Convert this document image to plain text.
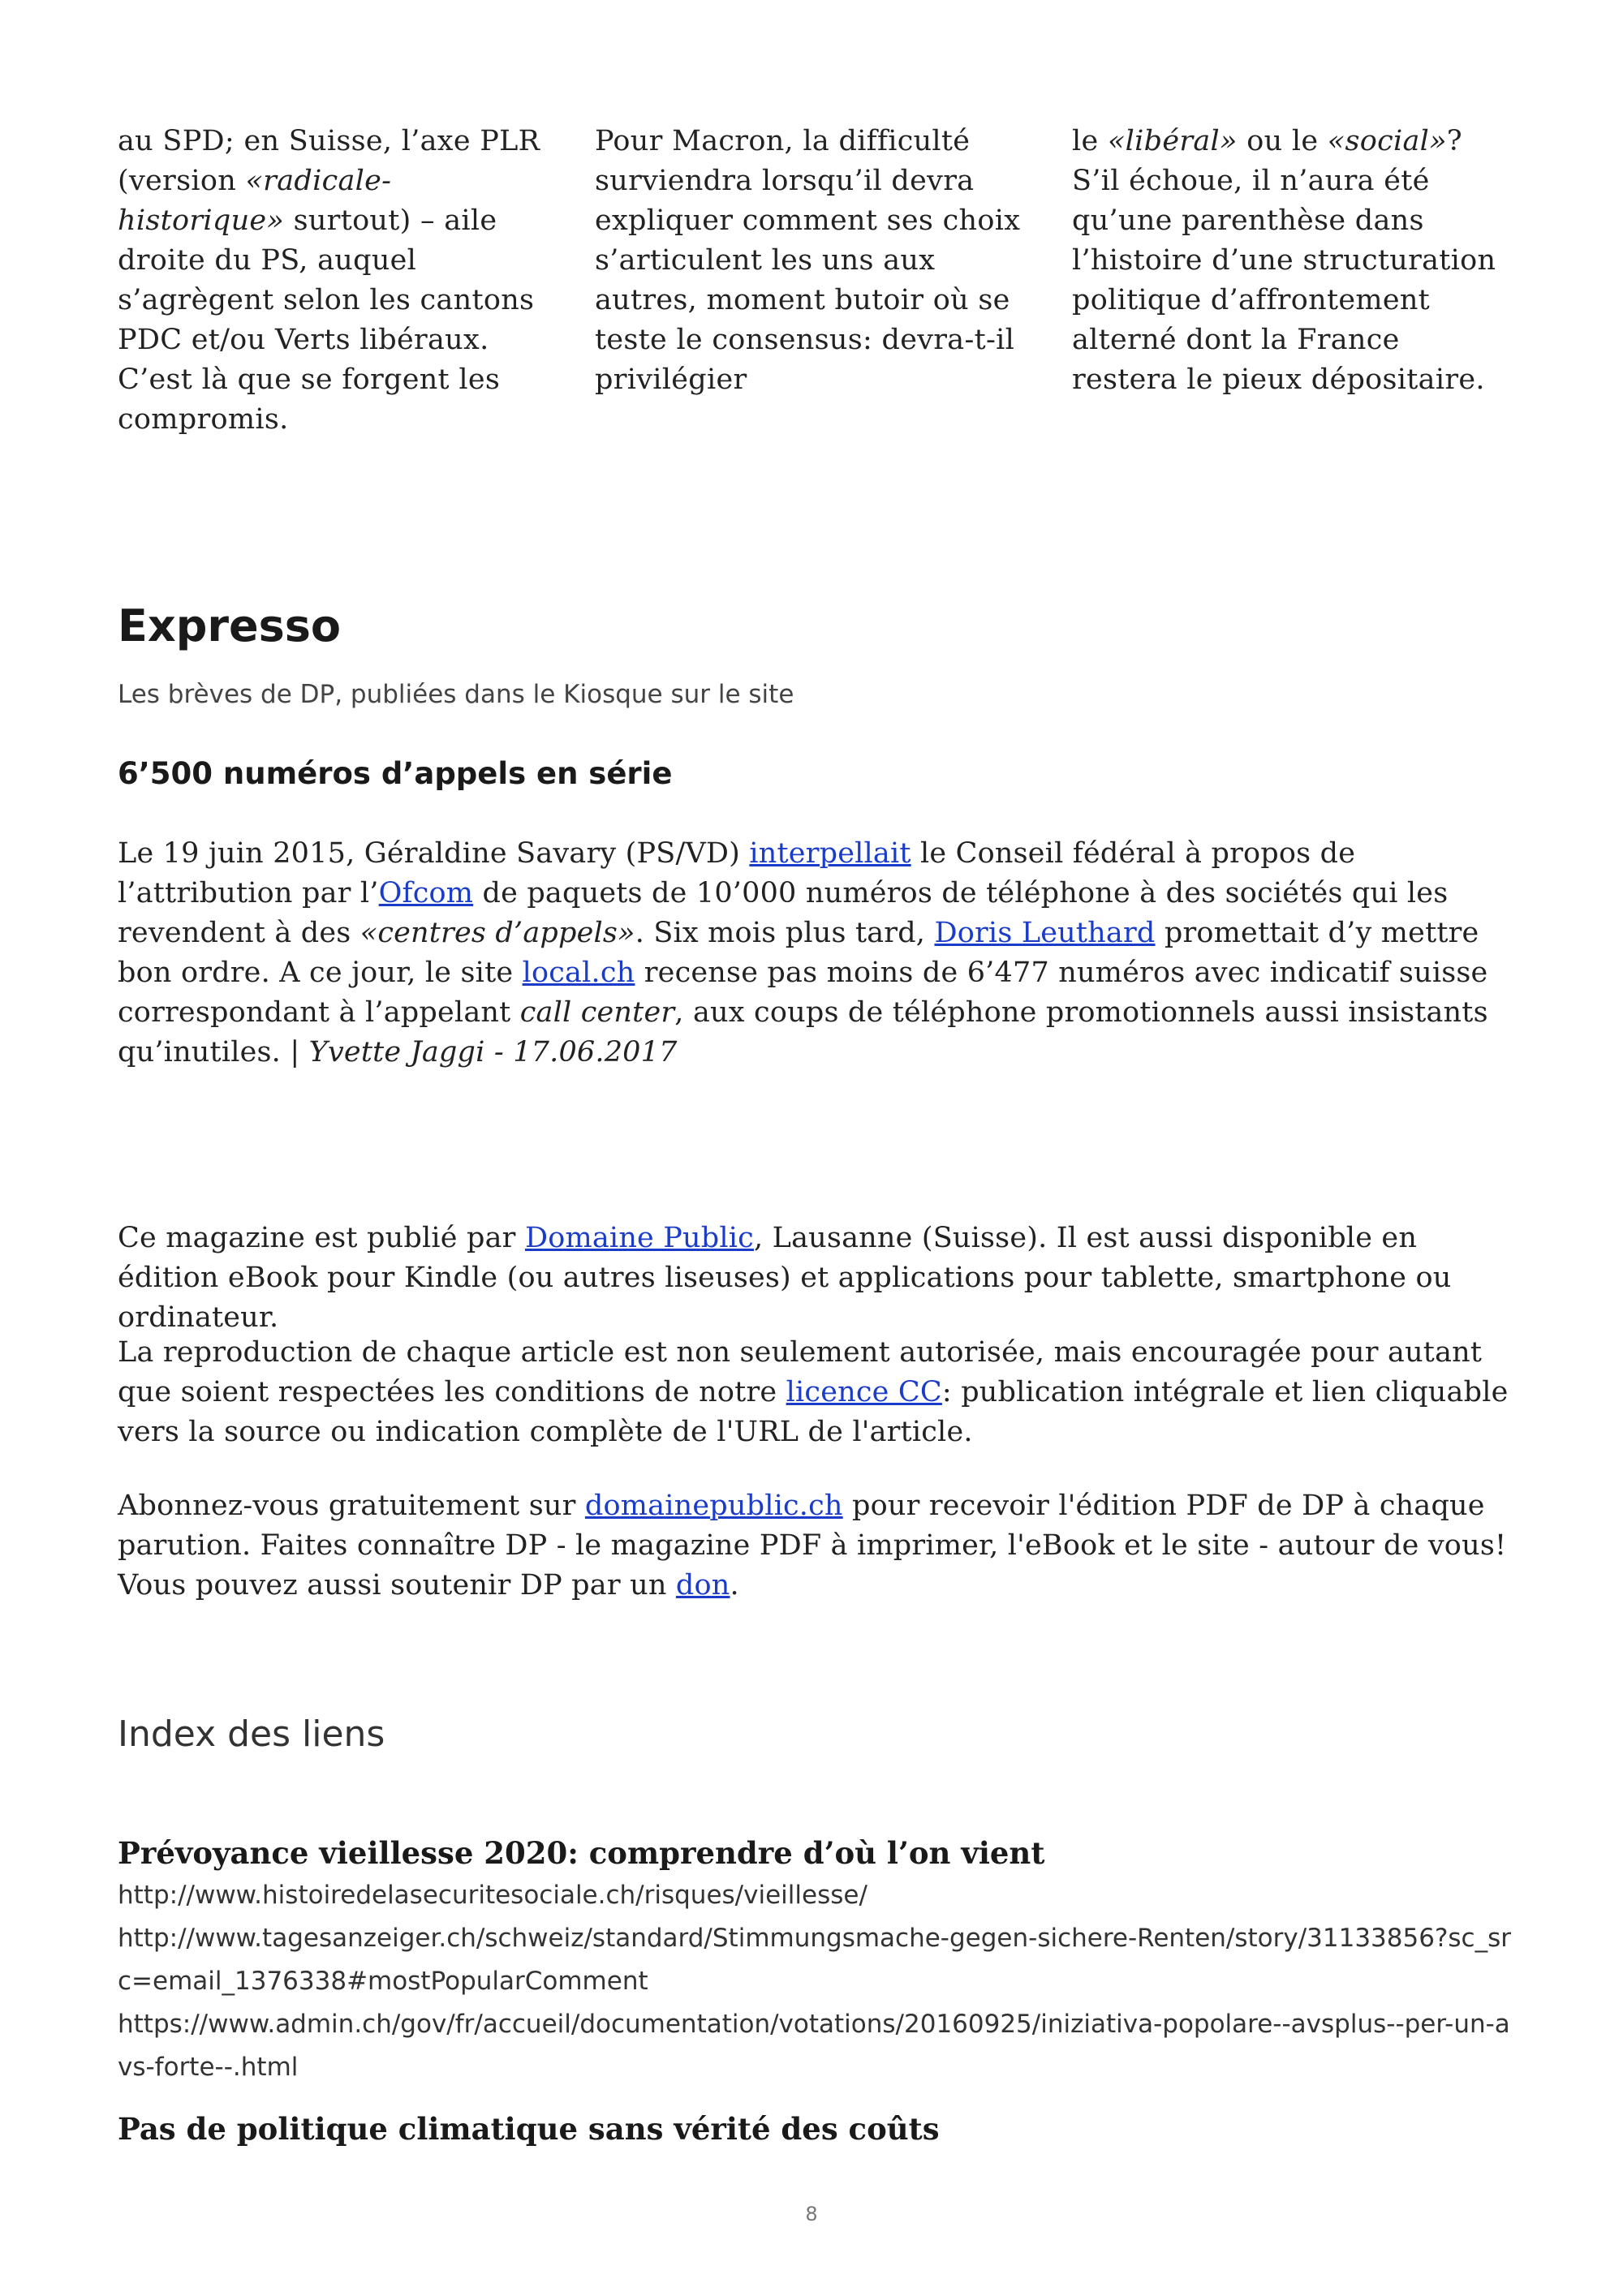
au SPD; en Suisse, l’axe PLR (version «radicale-historique» surtout) – aile droite du PS, auquel s’agrègent selon les cantons PDC et/ou Verts libéraux. C’est là que se forgent les compromis.

Pour Macron, la difficulté surviendra lorsqu’il devra expliquer comment ses choix s’articulent les uns aux autres, moment butoir où se teste le consensus: devra-t-il privilégier

le «libéral» ou le «social»? S’il échoue, il n’aura été qu’une parenthèse dans l’histoire d’une structuration politique d’affrontement alterné dont la France restera le pieux dépositaire.

Expresso

Les brèves de DP, publiées dans le Kiosque sur le site

6’500 numéros d’appels en série

Le 19 juin 2015, Géraldine Savary (PS/VD) interpellait le Conseil fédéral à propos de l’attribution par l’Ofcom de paquets de 10’000 numéros de téléphone à des sociétés qui les revendent à des «centres d’appels». Six mois plus tard, Doris Leuthard promettait d’y mettre bon ordre. A ce jour, le site local.ch recense pas moins de 6’477 numéros avec indicatif suisse correspondant à l’appelant call center, aux coups de téléphone promotionnels aussi insistants qu’inutiles. | Yvette Jaggi - 17.06.2017

Ce magazine est publié par Domaine Public, Lausanne (Suisse). Il est aussi disponible en édition eBook pour Kindle (ou autres liseuses) et applications pour tablette, smartphone ou ordinateur.

La reproduction de chaque article est non seulement autorisée, mais encouragée pour autant que soient respectées les conditions de notre licence CC: publication intégrale et lien cliquable vers la source ou indication complète de l'URL de l'article.

Abonnez-vous gratuitement sur domainepublic.ch pour recevoir l'édition PDF de DP à chaque parution. Faites connaître DP - le magazine PDF à imprimer, l'eBook et le site - autour de vous! Vous pouvez aussi soutenir DP par un don.

Index des liens
Prévoyance vieillesse 2020: comprendre d’où l’on vient
http://www.histoiredelasecuritesociale.ch/risques/vieillesse/
http://www.tagesanzeiger.ch/schweiz/standard/Stimmungsmache-gegen-sichere-Renten/story/31133856?sc_src=email_1376338#mostPopularComment
https://www.admin.ch/gov/fr/accueil/documentation/votations/20160925/iniziativa-popolare--avsplus--per-un-avs-forte--.html
Pas de politique climatique sans vérité des coûts
8
